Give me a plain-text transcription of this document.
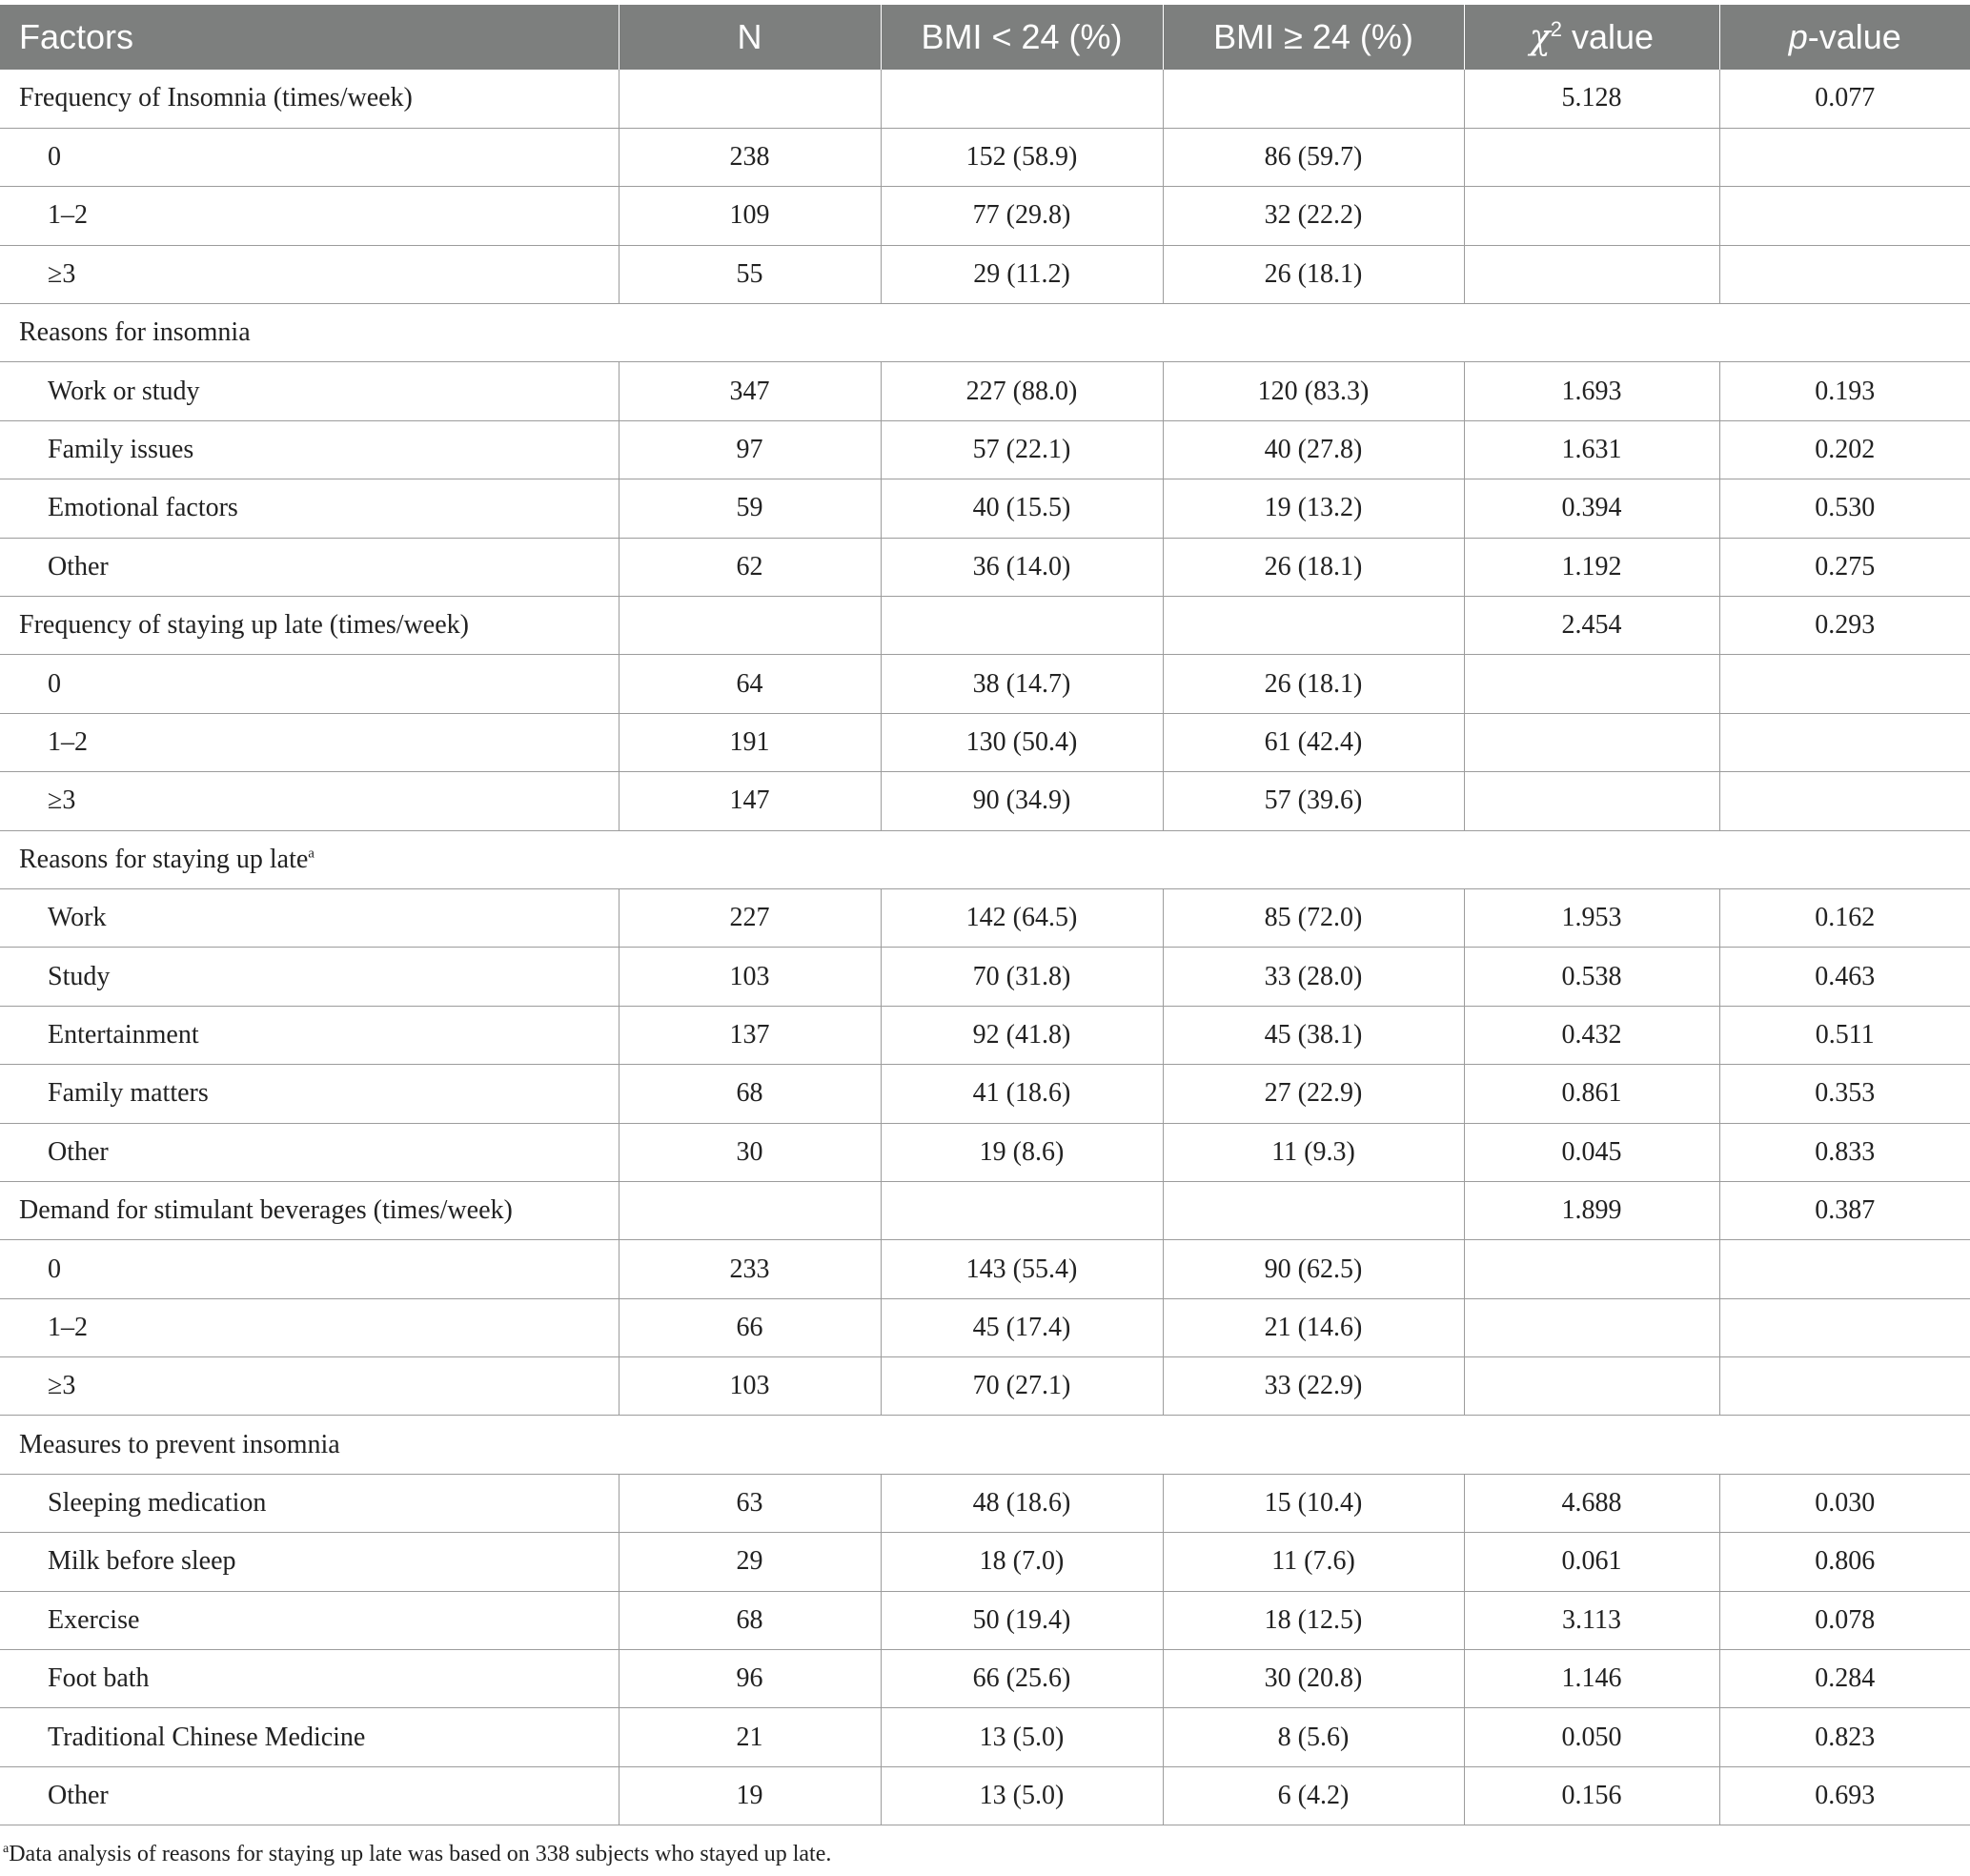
Factors	N	BMI < 24 (%)	BMI ≥ 24 (%)	$\chi^2$ value	p-value
Frequency of Insomnia (times/week)				5.128	0.077
0	238	152 (58.9)	86 (59.7)		
1–2	109	77 (29.8)	32 (22.2)		
≥3	55	29 (11.2)	26 (18.1)		
Reasons for insomnia					
Work or study	347	227 (88.0)	120 (83.3)	1.693	0.193
Family issues	97	57 (22.1)	40 (27.8)	1.631	0.202
Emotional factors	59	40 (15.5)	19 (13.2)	0.394	0.530
Other	62	36 (14.0)	26 (18.1)	1.192	0.275
Frequency of staying up late (times/week)				2.454	0.293
0	64	38 (14.7)	26 (18.1)		
1–2	191	130 (50.4)	61 (42.4)		
≥3	147	90 (34.9)	57 (39.6)		
Reasons for staying up late$^a$
Work	227	142 (64.5)	85 (72.0)	1.953	0.162
Study	103	70 (31.8)	33 (28.0)	0.538	0.463
Entertainment	137	92 (41.8)	45 (38.1)	0.432	0.511
Family matters	68	41 (18.6)	27 (22.9)	0.861	0.353
Other	30	19 (8.6)	11 (9.3)	0.045	0.833
Demand for stimulant beverages (times/week)				1.899	0.387
0	233	143 (55.4)	90 (62.5)		
1–2	66	45 (17.4)	21 (14.6)		
≥3	103	70 (27.1)	33 (22.9)		
Measures to prevent insomnia					
Sleeping medication	63	48 (18.6)	15 (10.4)	4.688	0.030
Milk before sleep	29	18 (7.0)	11 (7.6)	0.061	0.806
Exercise	68	50 (19.4)	18 (12.5)	3.113	0.078
Foot bath	96	66 (25.6)	30 (20.8)	1.146	0.284
Traditional Chinese Medicine	21	13 (5.0)	8 (5.6)	0.050	0.823
Other	19	13 (5.0)	6 (4.2)	0.156	0.693
$^a$Data analysis of reasons for staying up late was based on 338 subjects who stayed up late.
